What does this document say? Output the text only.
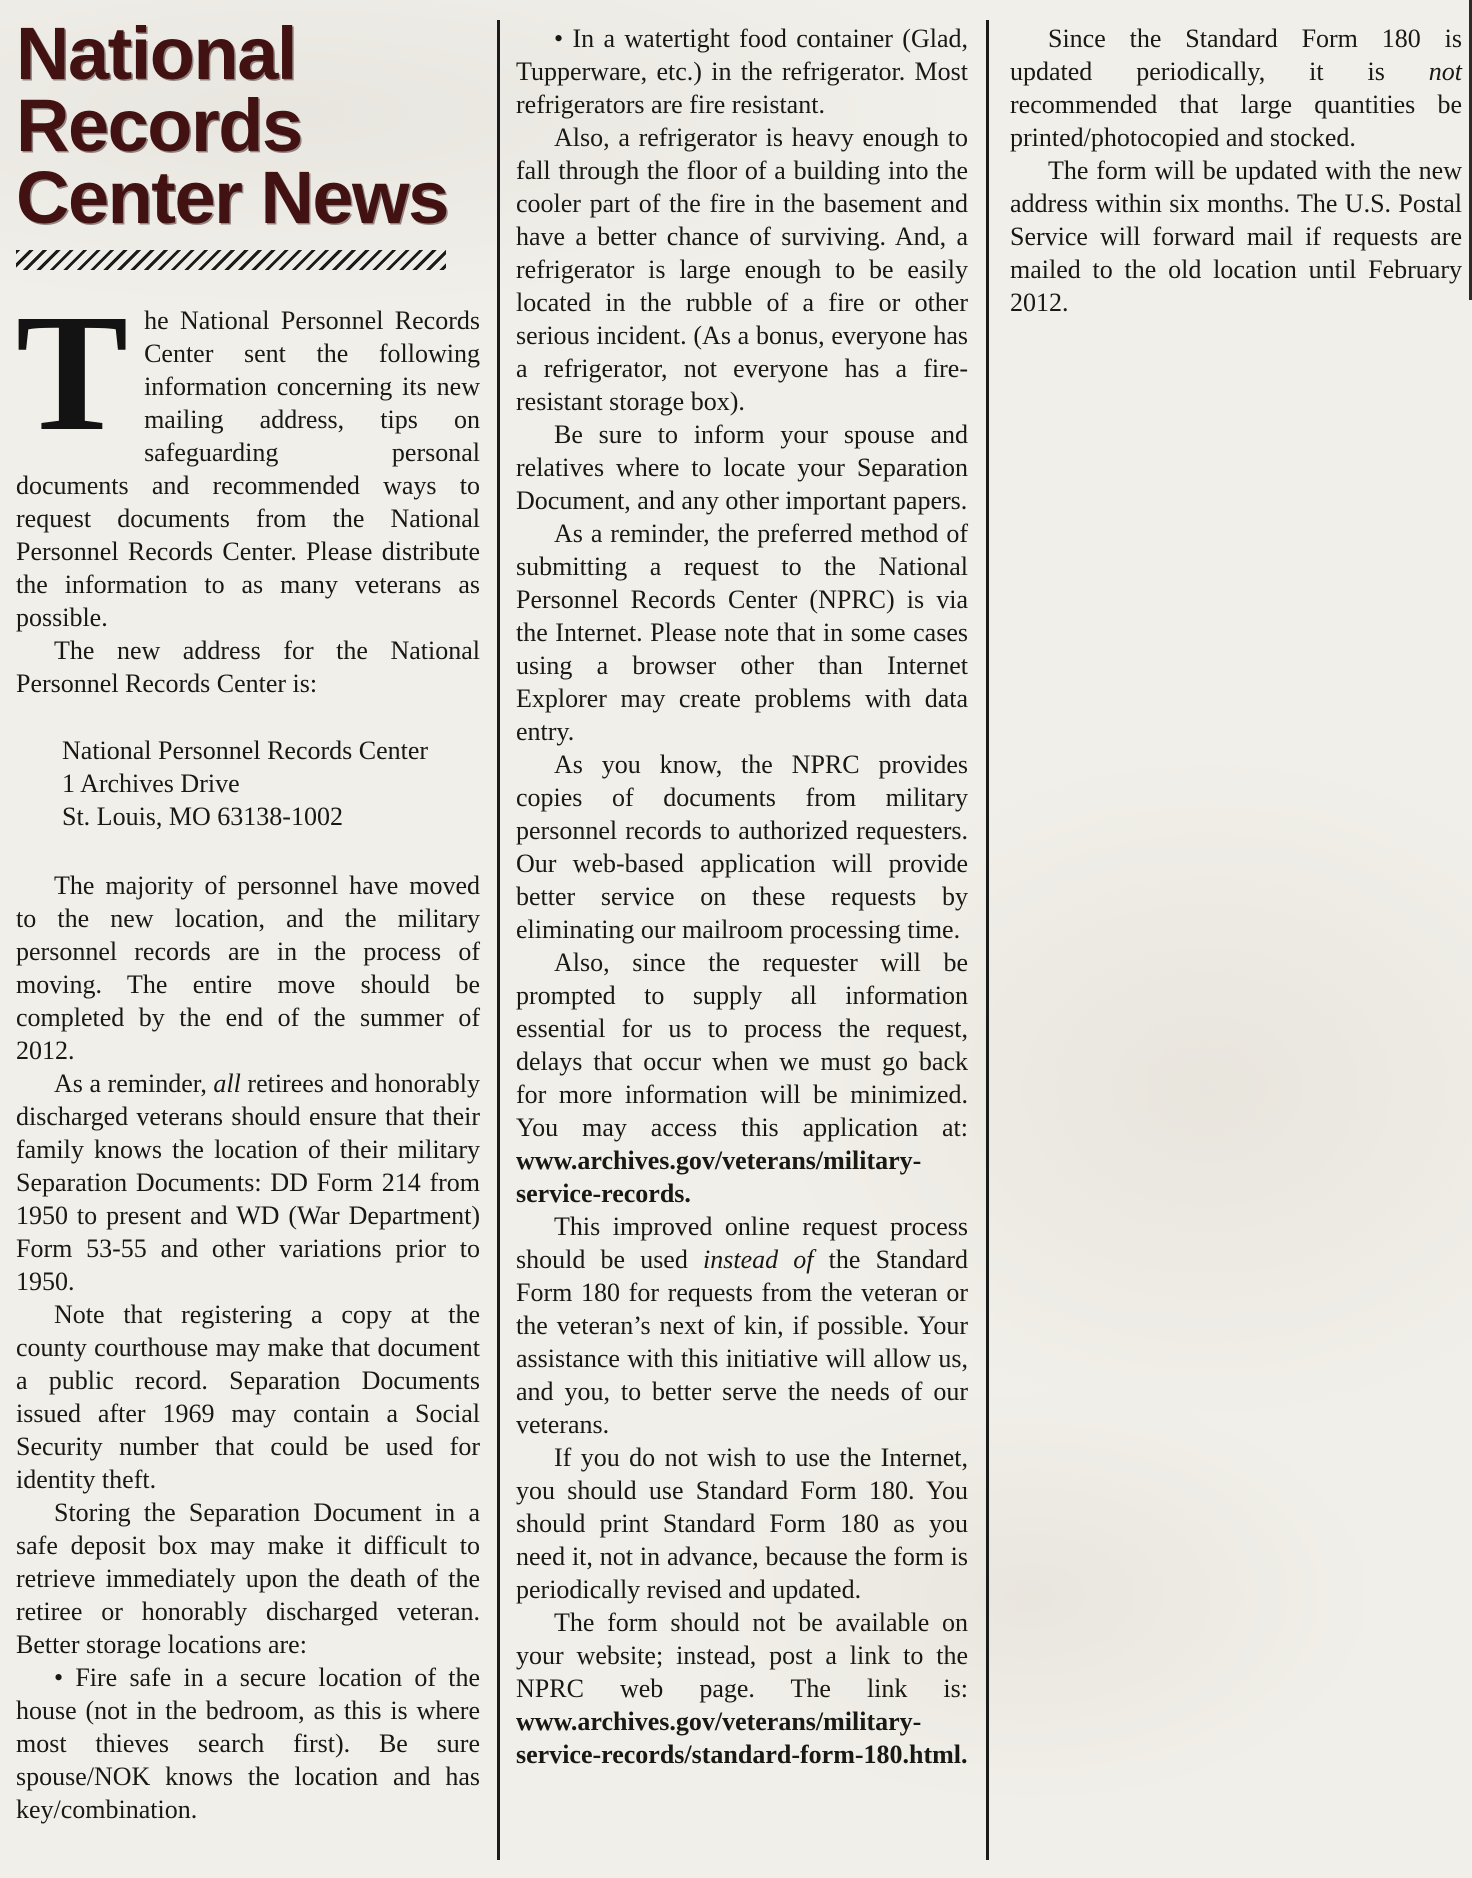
National
Records
Center News

The National Personnel Records Center sent the following information concerning its new mailing address, tips on safeguarding personal documents and recommended ways to request documents from the National Personnel Records Center. Please distribute the information to as many veterans as possible.

The new address for the National Personnel Records Center is:

National Personnel Records Center
1 Archives Drive
St. Louis, MO 63138-1002

The majority of personnel have moved to the new location, and the military personnel records are in the process of moving. The entire move should be completed by the end of the summer of 2012.

As a reminder, all retirees and honorably discharged veterans should ensure that their family knows the location of their military Separation Documents: DD Form 214 from 1950 to present and WD (War Department) Form 53-55 and other variations prior to 1950.

Note that registering a copy at the county courthouse may make that document a public record. Separation Documents issued after 1969 may contain a Social Security number that could be used for identity theft.

Storing the Separation Document in a safe deposit box may make it difficult to retrieve immediately upon the death of the retiree or honorably discharged veteran. Better storage locations are:

• Fire safe in a secure location of the house (not in the bedroom, as this is where most thieves search first). Be sure spouse/NOK knows the location and has key/combination.

• In a watertight food container (Glad, Tupperware, etc.) in the refrigerator. Most refrigerators are fire resistant.

Also, a refrigerator is heavy enough to fall through the floor of a building into the cooler part of the fire in the basement and have a better chance of surviving. And, a refrigerator is large enough to be easily located in the rubble of a fire or other serious incident. (As a bonus, everyone has a refrigerator, not everyone has a fire-resistant storage box).

Be sure to inform your spouse and relatives where to locate your Separation Document, and any other important papers.

As a reminder, the preferred method of submitting a request to the National Personnel Records Center (NPRC) is via the Internet. Please note that in some cases using a browser other than Internet Explorer may create problems with data entry.

As you know, the NPRC provides copies of documents from military personnel records to authorized requesters. Our web-based application will provide better service on these requests by eliminating our mailroom processing time.

Also, since the requester will be prompted to supply all information essential for us to process the request, delays that occur when we must go back for more information will be minimized. You may access this application at: www.archives.gov/veterans/military-service-records.

This improved online request process should be used instead of the Standard Form 180 for requests from the veteran or the veteran’s next of kin, if possible. Your assistance with this initiative will allow us, and you, to better serve the needs of our veterans.

If you do not wish to use the Internet, you should use Standard Form 180. You should print Standard Form 180 as you need it, not in advance, because the form is periodically revised and updated.

The form should not be available on your website; instead, post a link to the NPRC web page. The link is: www.archives.gov/veterans/military-service-records/standard-form-180.html.

Since the Standard Form 180 is updated periodically, it is not recommended that large quantities be printed/photocopied and stocked.

The form will be updated with the new address within six months. The U.S. Postal Service will forward mail if requests are mailed to the old location until February 2012.
